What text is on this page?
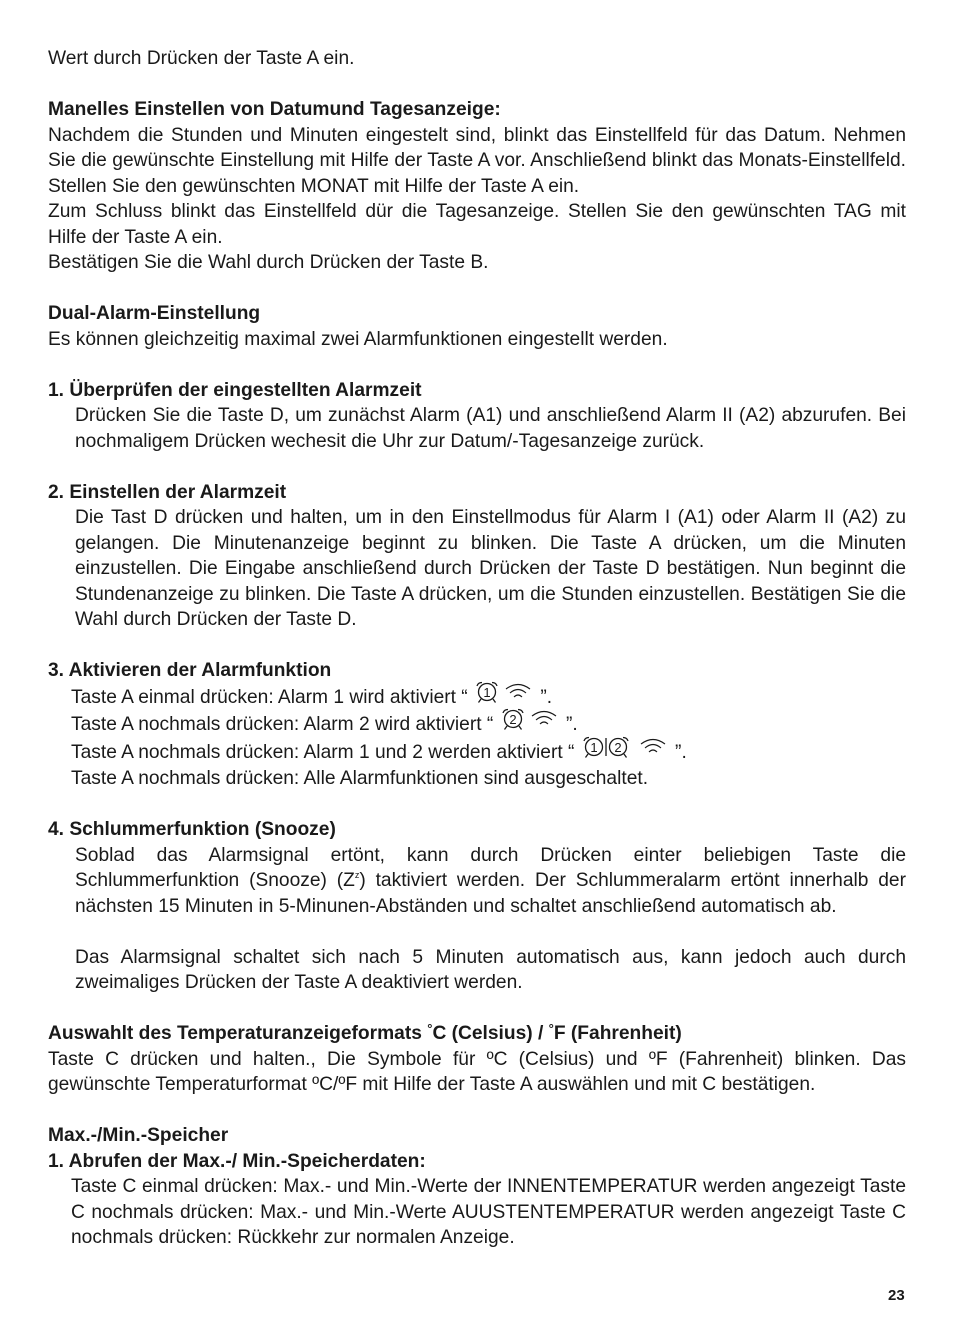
Wert durch Drücken der Taste A ein.

Manelles Einstellen von Datumund Tagesanzeige:

Nachdem die Stunden und Minuten eingestelt sind, blinkt das Einstellfeld für das Datum. Nehmen Sie die gewünschte Einstellung mit Hilfe der Taste A vor. Anschließend blinkt das Monats-Einstellfeld. Stellen Sie den gewünschten MONAT mit Hilfe der Taste A ein.

Zum Schluss blinkt das Einstellfeld dür die Tagesanzeige. Stellen Sie den gewünschten TAG mit Hilfe der Taste A ein.

Bestätigen Sie die Wahl durch Drücken der Taste B.

Dual-Alarm-Einstellung

Es können gleichzeitig maximal zwei Alarmfunktionen eingestellt werden.

1. Überprüfen der eingestellten Alarmzeit

Drücken Sie die Taste D, um zunächst Alarm (A1) und anschließend Alarm II (A2) abzurufen. Bei nochmaligem Drücken wechesit die Uhr zur Datum/-Tagesanzeige zurück.

2. Einstellen der Alarmzeit

Die Tast D drücken und halten, um in den Einstellmodus für Alarm I (A1) oder Alarm II (A2) zu gelangen. Die Minutenanzeige beginnt zu blinken. Die Taste A drücken, um die Minuten einzustellen. Die Eingabe anschließend durch Drücken der Taste D bestätigen. Nun beginnt die Stundenanzeige zu blinken. Die Taste A drücken, um die Stunden einzustellen. Bestätigen Sie die Wahl durch Drücken der Taste D.

3. Aktivieren der Alarmfunktion

Taste A einmal drücken: Alarm 1 wird aktiviert “ 1 ”.

Taste A nochmals drücken: Alarm 2 wird aktiviert “ 2 ”.

Taste A nochmals drücken: Alarm 1 und 2 werden aktiviert “ 1 2	”.

Taste A nochmals drücken: Alle Alarmfunktionen sind ausgeschaltet.

4. Schlummerfunktion (Snooze)

Soblad das Alarmsignal ertönt, kann durch Drücken einter beliebigen Taste die Schlummerfunktion (Snooze) $(Z^z)$ taktiviert werden. Der Schlummeralarm ertönt innerhalb der nächsten 15 Minuten in 5-Minunen-Abständen und schaltet anschließend automatisch ab.

Das Alarmsignal schaltet sich nach 5 Minuten automatisch aus, kann jedoch auch durch zweimaliges Drücken der Taste A deaktiviert werden.

Auswahlt des Temperaturanzeigeformats °C (Celsius) / °F (Fahrenheit)

Taste C drücken und halten., Die Symbole für ºC (Celsius) und ºF (Fahrenheit) blinken. Das gewünschte Temperaturformat ºC/ºF mit Hilfe der Taste A auswählen und mit C bestätigen.

Max.-/Min.-Speicher

1. Abrufen der Max.-/ Min.-Speicherdaten:

Taste C einmal drücken: Max.- und Min.-Werte der INNENTEMPERATUR werden angezeigt Taste C nochmals drücken: Max.- und Min.-Werte AUUSTENTEMPERATUR werden angezeigt Taste C nochmals drücken: Rückkehr zur normalen Anzeige.

23
